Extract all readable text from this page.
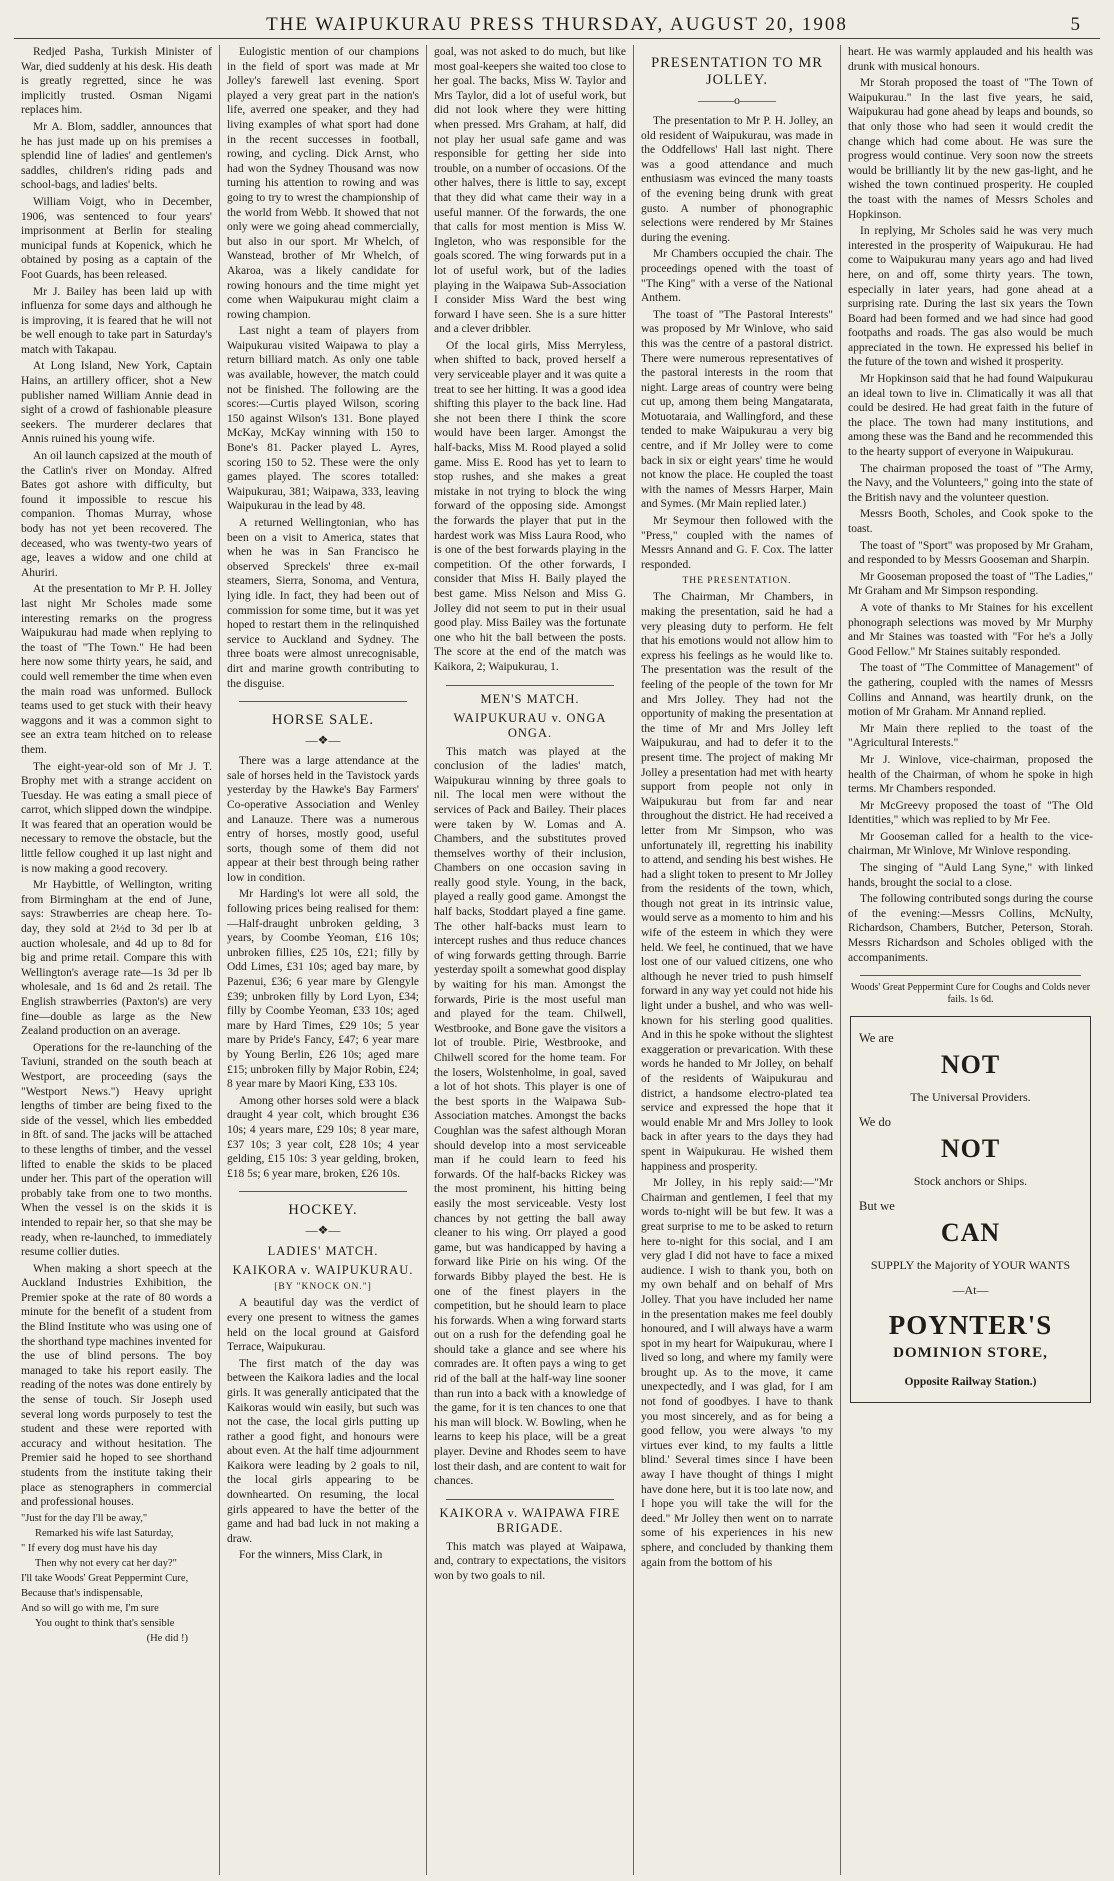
THE WAIPUKURAU PRESS THURSDAY, AUGUST 20, 1908	5

Redjed Pasha, Turkish Minister of War, died suddenly at his desk. His death is greatly regretted, since he was implicitly trusted. Osman Nigami replaces him.

Mr A. Blom, saddler, announces that he has just made up on his premises a splendid line of ladies' and gentlemen's saddles, children's riding pads and school-bags, and ladies' belts.

William Voigt, who in December, 1906, was sentenced to four years' imprisonment at Berlin for stealing municipal funds at Kopenick, which he obtained by posing as a captain of the Foot Guards, has been released.

Mr J. Bailey has been laid up with influenza for some days and although he is improving, it is feared that he will not be well enough to take part in Saturday's match with Takapau.

At Long Island, New York, Captain Hains, an artillery officer, shot a New publisher named William Annie dead in sight of a crowd of fashionable pleasure seekers. The murderer declares that Annis ruined his young wife.

An oil launch capsized at the mouth of the Catlin's river on Monday. Alfred Bates got ashore with difficulty, but found it impossible to rescue his companion. Thomas Murray, whose body has not yet been recovered. The deceased, who was twenty-two years of age, leaves a widow and one child at Ahuriri.

At the presentation to Mr P. H. Jolley last night Mr Scholes made some interesting remarks on the progress Waipukurau had made when replying to the toast of "The Town." He had been here now some thirty years, he said, and could well remember the time when even the main road was unformed. Bullock teams used to get stuck with their heavy waggons and it was a common sight to see an extra team hitched on to release them.

The eight-year-old son of Mr J. T. Brophy met with a strange accident on Tuesday. He was eating a small piece of carrot, which slipped down the windpipe. It was feared that an operation would be necessary to remove the obstacle, but the little fellow coughed it up last night and is now making a good recovery.

Mr Haybittle, of Wellington, writing from Birmingham at the end of June, says: Strawberries are cheap here. To-day, they sold at 2½d to 3d per lb at auction wholesale, and 4d up to 8d for big and prime retail. Compare this with Wellington's average rate—1s 3d per lb wholesale, and 1s 6d and 2s retail. The English strawberries (Paxton's) are very fine—double as large as the New Zealand production on an average.

Operations for the re-launching of the Taviuni, stranded on the south beach at Westport, are proceeding (says the "Westport News.") Heavy upright lengths of timber are being fixed to the side of the vessel, which lies embedded in 8ft. of sand. The jacks will be attached to these lengths of timber, and the vessel lifted to enable the skids to be placed under her. This part of the operation will probably take from one to two months. When the vessel is on the skids it is intended to repair her, so that she may be ready, when re-launched, to immediately resume collier duties.

When making a short speech at the Auckland Industries Exhibition, the Premier spoke at the rate of 80 words a minute for the benefit of a student from the Blind Institute who was using one of the shorthand type machines invented for the use of blind persons. The boy managed to take his report easily. The reading of the notes was done entirely by the sense of touch. Sir Joseph used several long words purposely to test the student and these were reported with accuracy and without hesitation. The Premier said he hoped to see shorthand students from the institute taking their place as stenographers in commercial and professional houses.

"Just for the day I'll be away,"

Remarked his wife last Saturday,

" If every dog must have his day

Then why not every cat her day?"

I'll take Woods' Great Peppermint Cure,

Because that's indispensable,

And so will go with me, I'm sure

You ought to think that's sensible

(He did !)

Eulogistic mention of our champions in the field of sport was made at Mr Jolley's farewell last evening. Sport played a very great part in the nation's life, averred one speaker, and they had living examples of what sport had done in the recent successes in football, rowing, and cycling. Dick Arnst, who had won the Sydney Thousand was now turning his attention to rowing and was going to try to wrest the championship of the world from Webb. It showed that not only were we going ahead commercially, but also in our sport. Mr Whelch, of Wanstead, brother of Mr Whelch, of Akaroa, was a likely candidate for rowing honours and the time might yet come when Waipukurau might claim a rowing champion.

Last night a team of players from Waipukurau visited Waipawa to play a return billiard match. As only one table was available, however, the match could not be finished. The following are the scores:—Curtis played Wilson, scoring 150 against Wilson's 131. Bone played McKay, McKay winning with 150 to Bone's 81. Packer played L. Ayres, scoring 150 to 52. These were the only games played. The scores totalled: Waipukurau, 381; Waipawa, 333, leaving Waipukurau in the lead by 48.

A returned Wellingtonian, who has been on a visit to America, states that when he was in San Francisco he observed Spreckels' three ex-mail steamers, Sierra, Sonoma, and Ventura, lying idle. In fact, they had been out of commission for some time, but it was yet hoped to restart them in the relinquished service to Auckland and Sydney. The three boats were almost unrecognisable, dirt and marine growth contributing to the disguise.

HORSE SALE.
—❖—

There was a large attendance at the sale of horses held in the Tavistock yards yesterday by the Hawke's Bay Farmers' Co-operative Association and Wenley and Lanauze. There was a numerous entry of horses, mostly good, useful sorts, though some of them did not appear at their best through being rather low in condition.

Mr Harding's lot were all sold, the following prices being realised for them:—Half-draught unbroken gelding, 3 years, by Coombe Yeoman, £16 10s; unbroken fillies, £25 10s, £21; filly by Odd Limes, £31 10s; aged bay mare, by Pazenui, £36; 6 year mare by Glengyle £39; unbroken filly by Lord Lyon, £34; filly by Coombe Yeoman, £33 10s; aged mare by Hard Times, £29 10s; 5 year mare by Pride's Fancy, £47; 6 year mare by Young Berlin, £26 10s; aged mare £15; unbroken filly by Major Robin, £24; 8 year mare by Maori King, £33 10s.

Among other horses sold were a black draught 4 year colt, which brought £36 10s; 4 years mare, £29 10s; 8 year mare, £37 10s; 3 year colt, £28 10s; 4 year gelding, £15 10s: 3 year gelding, broken, £18 5s; 6 year mare, broken, £26 10s.

HOCKEY.
—❖—
LADIES' MATCH.
KAIKORA v. WAIPUKURAU.
[BY "KNOCK ON."]

A beautiful day was the verdict of every one present to witness the games held on the local ground at Gaisford Terrace, Waipukurau.

The first match of the day was between the Kaikora ladies and the local girls. It was generally anticipated that the Kaikoras would win easily, but such was not the case, the local girls putting up rather a good fight, and honours were about even. At the half time adjournment Kaikora were leading by 2 goals to nil, the local girls appearing to be downhearted. On resuming, the local girls appeared to have the better of the game and had bad luck in not making a draw.

For the winners, Miss Clark, in

goal, was not asked to do much, but like most goal-keepers she waited too close to her goal. The backs, Miss W. Taylor and Mrs Taylor, did a lot of useful work, but did not look where they were hitting when pressed. Mrs Graham, at half, did not play her usual safe game and was responsible for getting her side into trouble, on a number of occasions. Of the other halves, there is little to say, except that they did what came their way in a useful manner. Of the forwards, the one that calls for most mention is Miss W. Ingleton, who was responsible for the goals scored. The wing forwards put in a lot of useful work, but of the ladies playing in the Waipawa Sub-Association I consider Miss Ward the best wing forward I have seen. She is a sure hitter and a clever dribbler.

Of the local girls, Miss Merryless, when shifted to back, proved herself a very serviceable player and it was quite a treat to see her hitting. It was a good idea shifting this player to the back line. Had she not been there I think the score would have been larger. Amongst the half-backs, Miss M. Rood played a solid game. Miss E. Rood has yet to learn to stop rushes, and she makes a great mistake in not trying to block the wing forward of the opposing side. Amongst the forwards the player that put in the hardest work was Miss Laura Rood, who is one of the best forwards playing in the competition. Of the other forwards, I consider that Miss H. Baily played the best game. Miss Nelson and Miss G. Jolley did not seem to put in their usual good play. Miss Bailey was the fortunate one who hit the ball between the posts. The score at the end of the match was Kaikora, 2; Waipukurau, 1.

MEN'S MATCH.
WAIPUKURAU v. ONGA ONGA.

This match was played at the conclusion of the ladies' match, Waipukurau winning by three goals to nil. The local men were without the services of Pack and Bailey. Their places were taken by W. Lomas and A. Chambers, and the substitutes proved themselves worthy of their inclusion, Chambers on one occasion saving in really good style. Young, in the back, played a really good game. Amongst the half backs, Stoddart played a fine game. The other half-backs must learn to intercept rushes and thus reduce chances of wing forwards getting through. Barrie yesterday spoilt a somewhat good display by waiting for his man. Amongst the forwards, Pirie is the most useful man and played for the team. Chilwell, Westbrooke, and Bone gave the visitors a lot of trouble. Pirie, Westbrooke, and Chilwell scored for the home team. For the losers, Wolstenholme, in goal, saved a lot of hot shots. This player is one of the best sports in the Waipawa Sub-Association matches. Amongst the backs Coughlan was the safest although Moran should develop into a most serviceable man if he could learn to feed his forwards. Of the half-backs Rickey was the most prominent, his hitting being easily the most serviceable. Vesty lost chances by not getting the ball away cleaner to his wing. Orr played a good game, but was handicapped by having a forward like Pirie on his wing. Of the forwards Bibby played the best. He is one of the finest players in the competition, but he should learn to place his forwards. When a wing forward starts out on a rush for the defending goal he should take a glance and see where his comrades are. It often pays a wing to get rid of the ball at the half-way line sooner than run into a back with a knowledge of the game, for it is ten chances to one that his man will block. W. Bowling, when he learns to keep his place, will be a great player. Devine and Rhodes seem to have lost their dash, and are content to wait for chances.

KAIKORA v. WAIPAWA FIRE BRIGADE.

This match was played at Waipawa, and, contrary to expectations, the visitors won by two goals to nil.

PRESENTATION TO MR JOLLEY.
———o———

The presentation to Mr P. H. Jolley, an old resident of Waipukurau, was made in the Oddfellows' Hall last night. There was a good attendance and much enthusiasm was evinced the many toasts of the evening being drunk with great gusto. A number of phonographic selections were rendered by Mr Staines during the evening.

Mr Chambers occupied the chair. The proceedings opened with the toast of "The King" with a verse of the National Anthem.

The toast of "The Pastoral Interests" was proposed by Mr Winlove, who said this was the centre of a pastoral district. There were numerous representatives of the pastoral interests in the room that night. Large areas of country were being cut up, among them being Mangatarata, Motuotaraia, and Wallingford, and these tended to make Waipukurau a very big centre, and if Mr Jolley were to come back in six or eight years' time he would not know the place. He coupled the toast with the names of Messrs Harper, Main and Symes. (Mr Main replied later.)

Mr Seymour then followed with the "Press," coupled with the names of Messrs Annand and G. F. Cox. The latter responded.

THE PRESENTATION.

The Chairman, Mr Chambers, in making the presentation, said he had a very pleasing duty to perform. He felt that his emotions would not allow him to express his feelings as he would like to. The presentation was the result of the feeling of the people of the town for Mr and Mrs Jolley. They had not the opportunity of making the presentation at the time of Mr and Mrs Jolley left Waipukurau, and had to defer it to the present time. The project of making Mr Jolley a presentation had met with hearty support from people not only in Waipukurau but from far and near throughout the district. He had received a letter from Mr Simpson, who was unfortunately ill, regretting his inability to attend, and sending his best wishes. He had a slight token to present to Mr Jolley from the residents of the town, which, though not great in its intrinsic value, would serve as a momento to him and his wife of the esteem in which they were held. We feel, he continued, that we have lost one of our valued citizens, one who although he never tried to push himself forward in any way yet could not hide his light under a bushel, and who was well-known for his sterling good qualities. And in this he spoke without the slightest exaggeration or prevarication. With these words he handed to Mr Jolley, on behalf of the residents of Waipukurau and district, a handsome electro-plated tea service and expressed the hope that it would enable Mr and Mrs Jolley to look back in after years to the days they had spent in Waipukurau. He wished them happiness and prosperity.

Mr Jolley, in his reply said:—"Mr Chairman and gentlemen, I feel that my words to-night will be but few. It was a great surprise to me to be asked to return here to-night for this social, and I am very glad I did not have to face a mixed audience. I wish to thank you, both on my own behalf and on behalf of Mrs Jolley. That you have included her name in the presentation makes me feel doubly honoured, and I will always have a warm spot in my heart for Waipukurau, where I lived so long, and where my family were brought up. As to the move, it came unexpectedly, and I was glad, for I am not fond of goodbyes. I have to thank you most sincerely, and as for being a good fellow, you were always 'to my virtues ever kind, to my faults a little blind.' Several times since I have been away I have thought of things I might have done here, but it is too late now, and I hope you will take the will for the deed." Mr Jolley then went on to narrate some of his experiences in his new sphere, and concluded by thanking them again from the bottom of his

heart. He was warmly applauded and his health was drunk with musical honours.

Mr Storah proposed the toast of "The Town of Waipukurau." In the last five years, he said, Waipukurau had gone ahead by leaps and bounds, so that only those who had seen it would credit the change which had come about. He was sure the progress would continue. Very soon now the streets would be brilliantly lit by the new gas-light, and he wished the town continued prosperity. He coupled the toast with the names of Messrs Scholes and Hopkinson.

In replying, Mr Scholes said he was very much interested in the prosperity of Waipukurau. He had come to Waipukurau many years ago and had lived here, on and off, some thirty years. The town, especially in later years, had gone ahead at a surprising rate. During the last six years the Town Board had been formed and we had since had good footpaths and roads. The gas also would be much appreciated in the town. He expressed his belief in the future of the town and wished it prosperity.

Mr Hopkinson said that he had found Waipukurau an ideal town to live in. Climatically it was all that could be desired. He had great faith in the future of the place. The town had many institutions, and among these was the Band and he recommended this to the hearty support of everyone in Waipukurau.

The chairman proposed the toast of "The Army, the Navy, and the Volunteers," going into the state of the British navy and the volunteer question.

Messrs Booth, Scholes, and Cook spoke to the toast.

The toast of "Sport" was proposed by Mr Graham, and responded to by Messrs Gooseman and Sharpin.

Mr Gooseman proposed the toast of "The Ladies," Mr Graham and Mr Simpson responding.

A vote of thanks to Mr Staines for his excellent phonograph selections was moved by Mr Murphy and Mr Staines was toasted with "For he's a Jolly Good Fellow." Mr Staines suitably responded.

The toast of "The Committee of Management" of the gathering, coupled with the names of Messrs Collins and Annand, was heartily drunk, on the motion of Mr Graham. Mr Annand replied.

Mr Main there replied to the toast of the "Agricultural Interests."

Mr J. Winlove, vice-chairman, proposed the health of the Chairman, of whom he spoke in high terms. Mr Chambers responded.

Mr McGreevy proposed the toast of "The Old Identities," which was replied to by Mr Fee.

Mr Gooseman called for a health to the vice-chairman, Mr Winlove, Mr Winlove responding.

The singing of "Auld Lang Syne," with linked hands, brought the social to a close.

The following contributed songs during the course of the evening:—Messrs Collins, McNulty, Richardson, Chambers, Butcher, Peterson, Storah. Messrs Richardson and Scholes obliged with the accompaniments.

Woods' Great Peppermint Cure for Coughs and Colds never fails. 1s 6d.
We are
NOT
The Universal Providers.
We do
NOT
Stock anchors or Ships.
But we
CAN
SUPPLY the Majority of YOUR WANTS
—At—
POYNTER'S
DOMINION STORE,
Opposite Railway Station.)
